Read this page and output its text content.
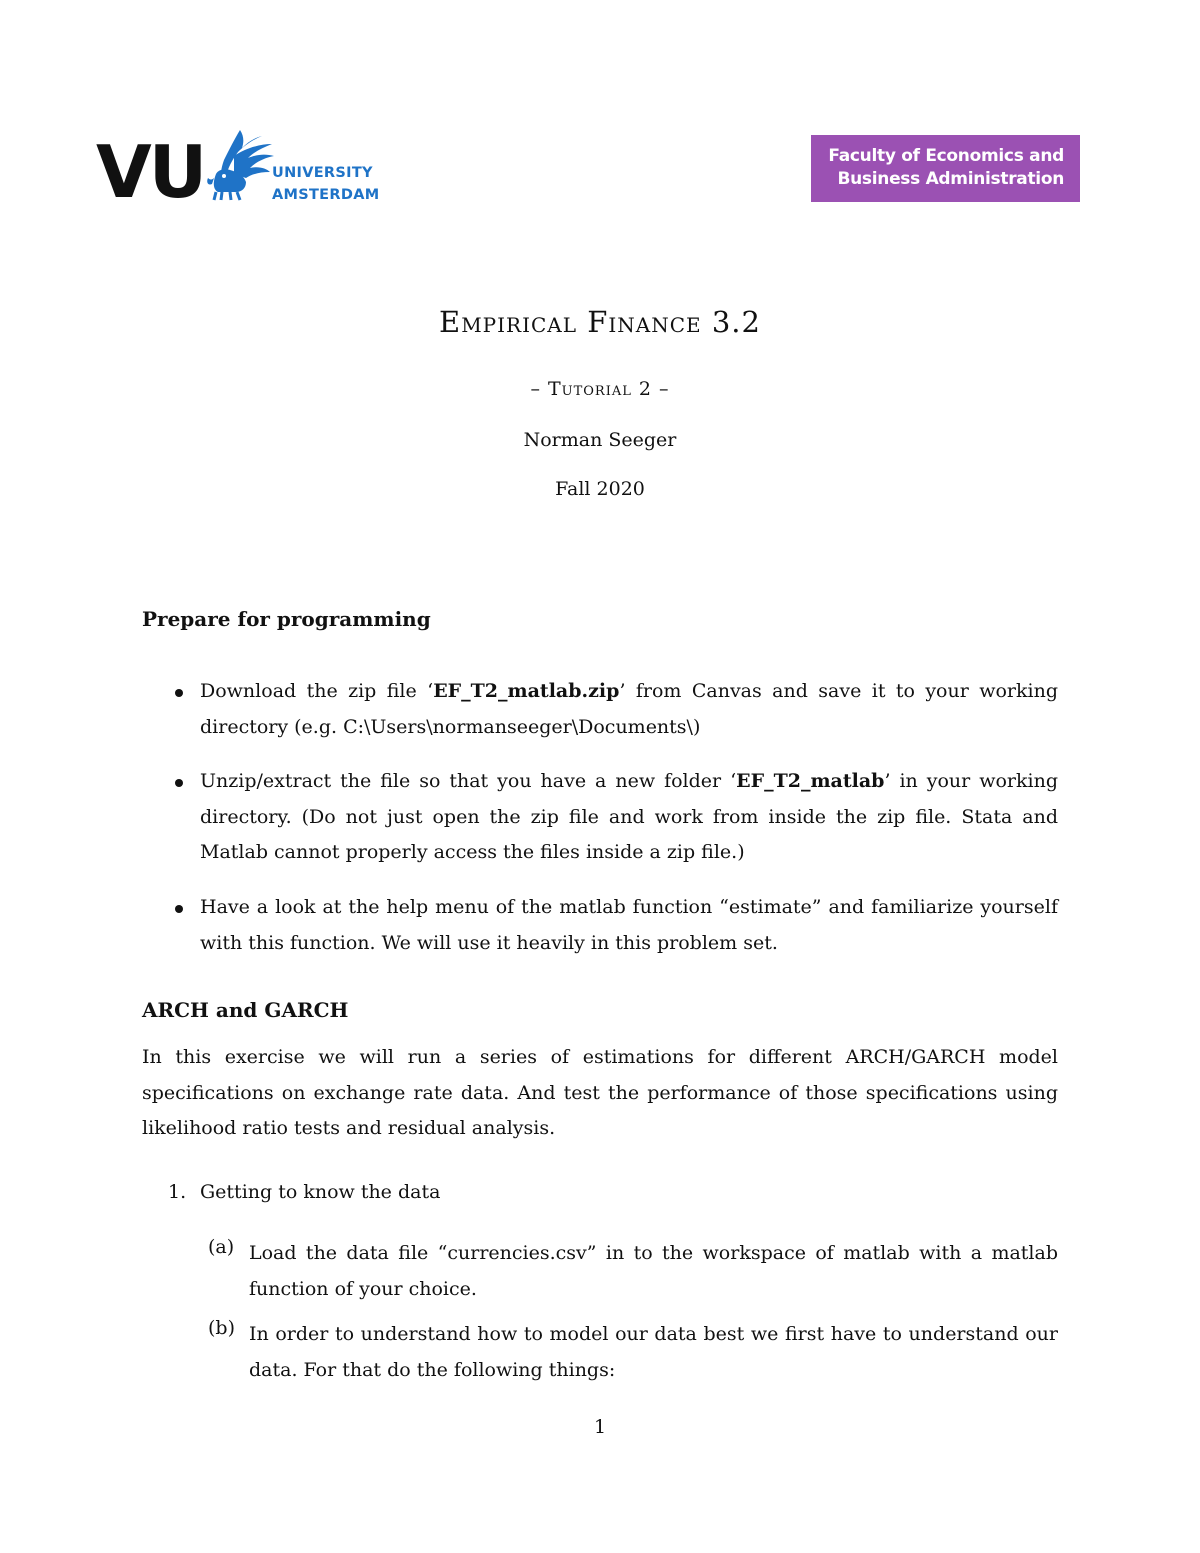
VU	UNIVERSITY
AMSTERDAM
Faculty of Economics and
Business Administration
Empirical Finance 3.2
– Tutorial 2 –
Norman Seeger
Fall 2020
Prepare for programming
Download the zip file ‘EF_T2_matlab.zip’ from Canvas and save it to your working directory (e.g. C:\Users\normanseeger\Documents\)
Unzip/extract the file so that you have a new folder ‘EF_T2_matlab’ in your working directory. (Do not just open the zip file and work from inside the zip file. Stata and Matlab cannot properly access the files inside a zip file.)
Have a look at the help menu of the matlab function “estimate” and familiarize yourself with this function. We will use it heavily in this problem set.
ARCH and GARCH
In this exercise we will run a series of estimations for different ARCH/GARCH model specifications on exchange rate data. And test the performance of those specifications using likelihood ratio tests and residual analysis.
1. Getting to know the data
(a) Load the data file “currencies.csv” in to the workspace of matlab with a matlab function of your choice.
(b) In order to understand how to model our data best we first have to understand our data. For that do the following things:
1
